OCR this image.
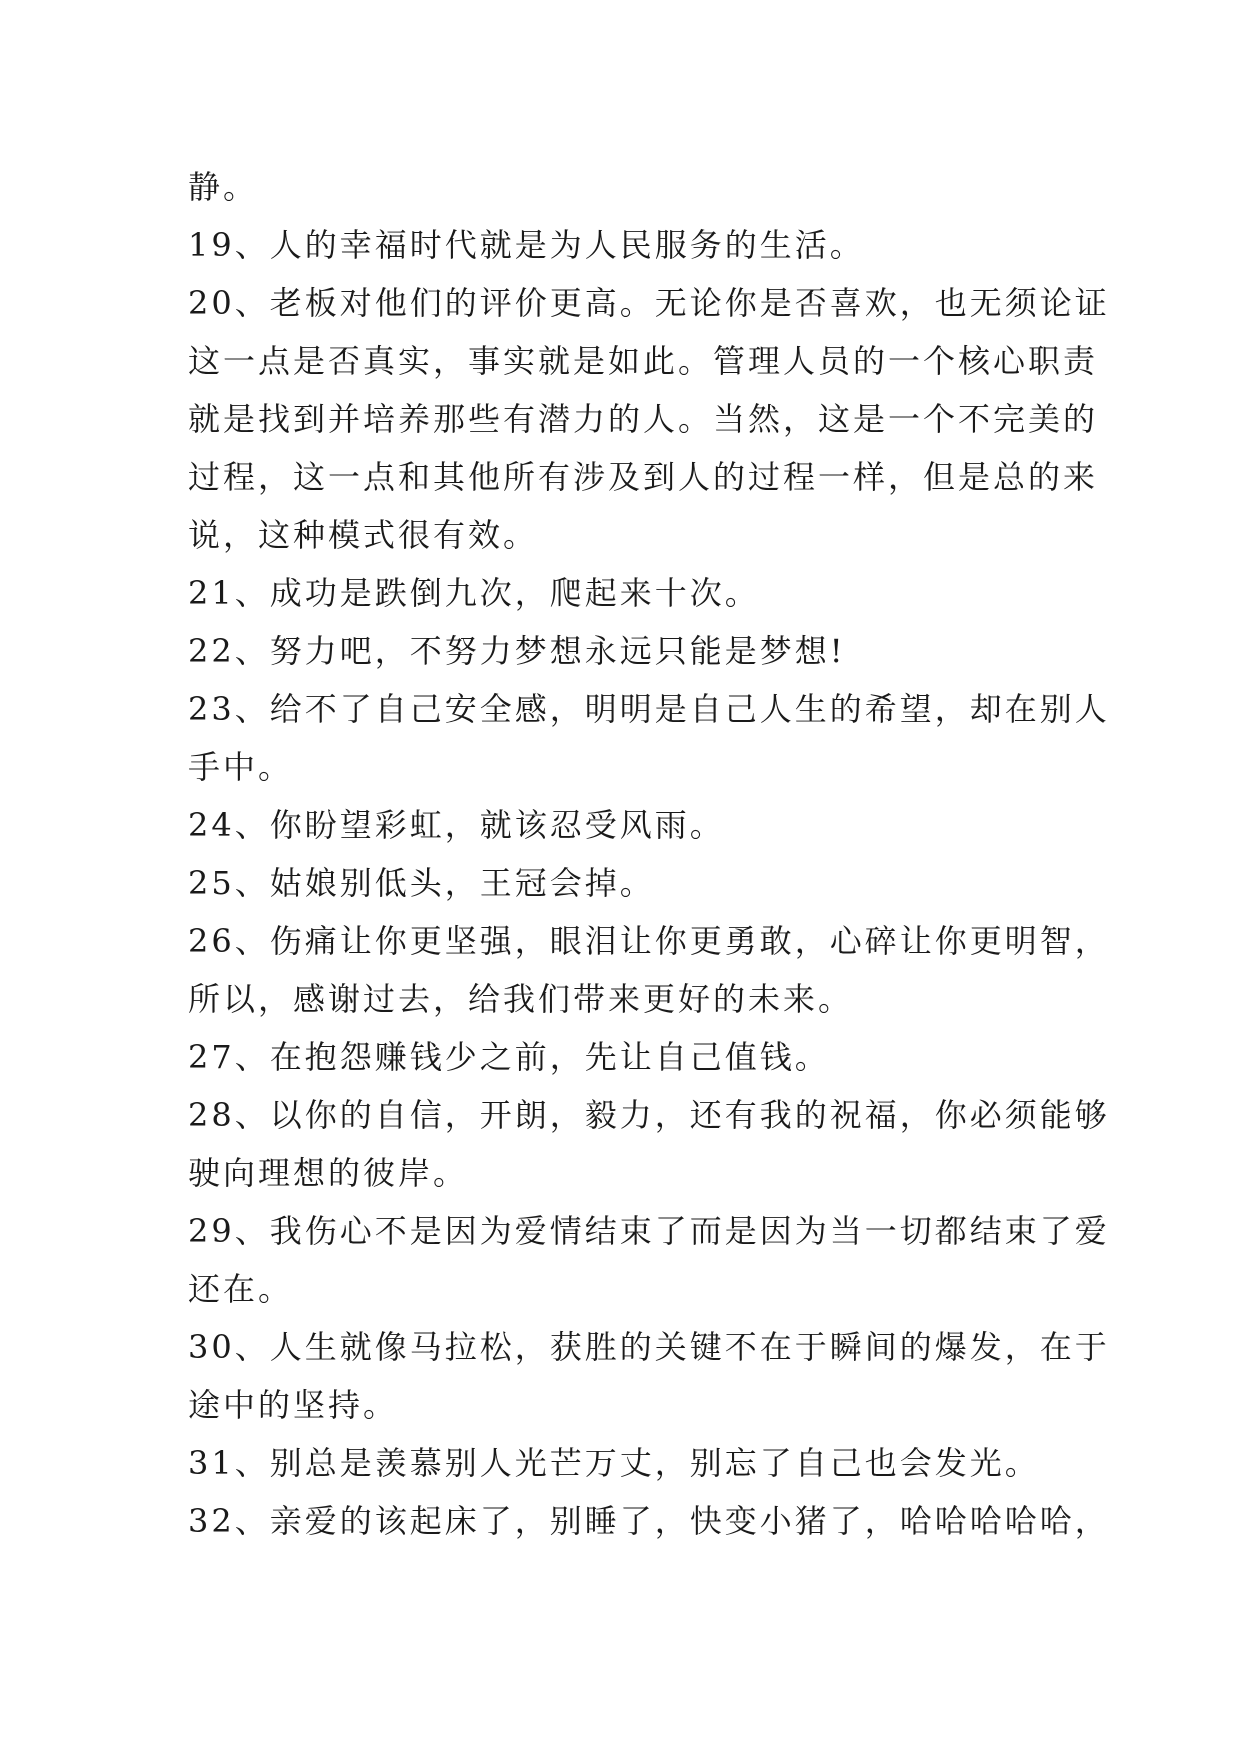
静。
19、人的幸福时代就是为人民服务的生活。
20、老板对他们的评价更高。无论你是否喜欢，也无须论证
这一点是否真实，事实就是如此。管理人员的一个核心职责
就是找到并培养那些有潜力的人。当然，这是一个不完美的
过程，这一点和其他所有涉及到人的过程一样，但是总的来
说，这种模式很有效。
21、成功是跌倒九次，爬起来十次。
22、努力吧，不努力梦想永远只能是梦想!
23、给不了自己安全感，明明是自己人生的希望，却在别人
手中。
24、你盼望彩虹，就该忍受风雨。
25、姑娘别低头，王冠会掉。
26、伤痛让你更坚强，眼泪让你更勇敢，心碎让你更明智，
所以，感谢过去，给我们带来更好的未来。
27、在抱怨赚钱少之前，先让自己值钱。
28、以你的自信，开朗，毅力，还有我的祝福，你必须能够
驶向理想的彼岸。
29、我伤心不是因为爱情结束了而是因为当一切都结束了爱
还在。
30、人生就像马拉松，获胜的关键不在于瞬间的爆发，在于
途中的坚持。
31、别总是羡慕别人光芒万丈，别忘了自己也会发光。
32、亲爱的该起床了，别睡了，快变小猪了，哈哈哈哈哈，
